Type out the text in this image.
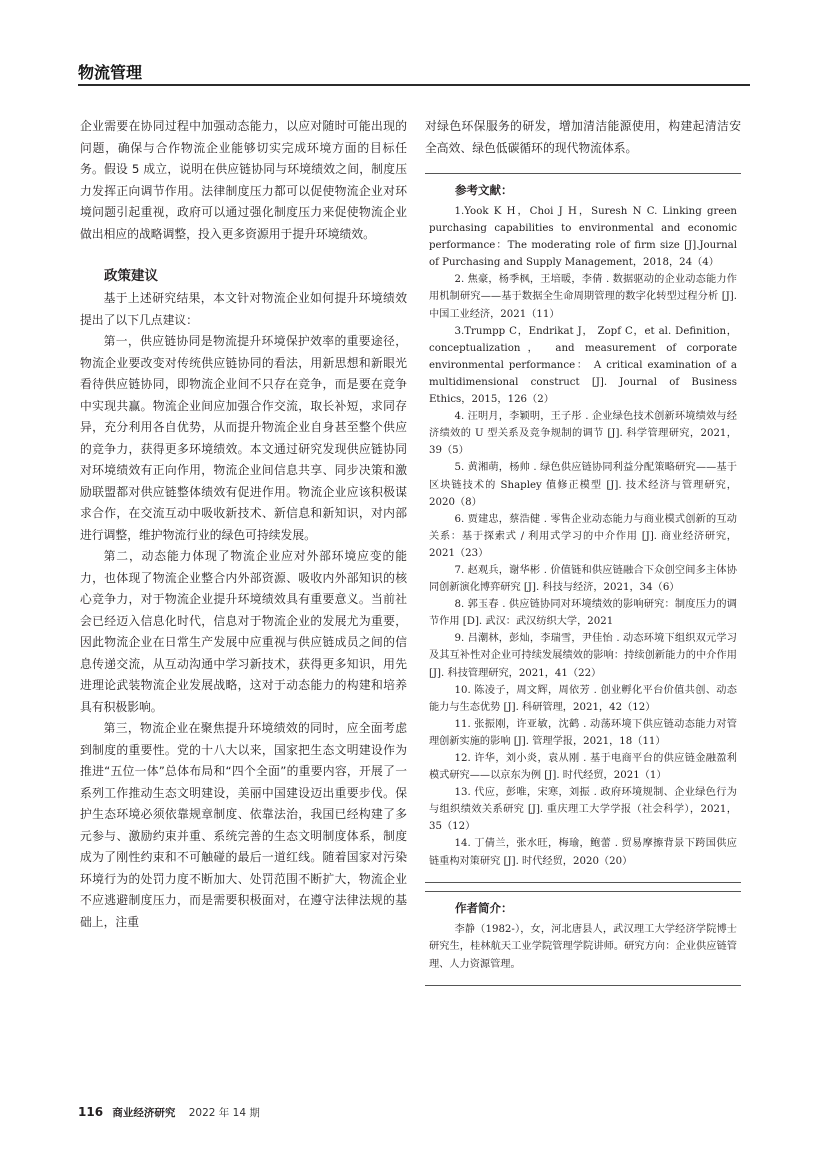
物流管理

企业需要在协同过程中加强动态能力，以应对随时可能出现的问题，确保与合作物流企业能够切实完成环境方面的目标任务。假设 5 成立，说明在供应链协同与环境绩效之间，制度压力发挥正向调节作用。法律制度压力都可以促使物流企业对环境问题引起重视，政府可以通过强化制度压力来促使物流企业做出相应的战略调整，投入更多资源用于提升环境绩效。

政策建议

基于上述研究结果，本文针对物流企业如何提升环境绩效提出了以下几点建议：

第一，供应链协同是物流提升环境保护效率的重要途径，物流企业要改变对传统供应链协同的看法，用新思想和新眼光看待供应链协同，即物流企业间不只存在竞争，而是要在竞争中实现共赢。物流企业间应加强合作交流，取长补短，求同存异，充分利用各自优势，从而提升物流企业自身甚至整个供应的竞争力，获得更多环境绩效。本文通过研究发现供应链协同对环境绩效有正向作用，物流企业间信息共享、同步决策和激励联盟都对供应链整体绩效有促进作用。物流企业应该积极谋求合作，在交流互动中吸收新技术、新信息和新知识，对内部进行调整，维护物流行业的绿色可持续发展。

第二，动态能力体现了物流企业应对外部环境应变的能力，也体现了物流企业整合内外部资源、吸收内外部知识的核心竞争力，对于物流企业提升环境绩效具有重要意义。当前社会已经迈入信息化时代，信息对于物流企业的发展尤为重要，因此物流企业在日常生产发展中应重视与供应链成员之间的信息传递交流，从互动沟通中学习新技术，获得更多知识，用先进理论武装物流企业发展战略，这对于动态能力的构建和培养具有积极影响。

第三，物流企业在聚焦提升环境绩效的同时，应全面考虑到制度的重要性。党的十八大以来，国家把生态文明建设作为推进“五位一体”总体布局和“四个全面”的重要内容，开展了一系列工作推动生态文明建设，美丽中国建设迈出重要步伐。保护生态环境必须依靠规章制度、依靠法治，我国已经构建了多元参与、激励约束并重、系统完善的生态文明制度体系，制度成为了刚性约束和不可触碰的最后一道红线。随着国家对污染环境行为的处罚力度不断加大、处罚范围不断扩大，物流企业不应逃避制度压力，而是需要积极面对，在遵守法律法规的基础上，注重

对绿色环保服务的研发，增加清洁能源使用，构建起清洁安全高效、绿色低碳循环的现代物流体系。

参考文献：

1.Yook K H，Choi J H，Suresh N C. Linking green purchasing capabilities to environmental and economic performance：The moderating role of firm size [J].Journal of Purchasing and Supply Management，2018，24（4）

2. 焦豪，杨季枫，王培暖，李倩 . 数据驱动的企业动态能力作用机制研究——基于数据全生命周期管理的数字化转型过程分析 [J]. 中国工业经济，2021（11）

3.Trumpp C，Endrikat J， Zopf C，et al. Definition，conceptualization， and measurement of corporate environmental performance： A critical examination of a multidimensional construct [J]. Journal of Business Ethics，2015，126（2）

4. 汪明月，李颖明，王子彤 . 企业绿色技术创新环境绩效与经济绩效的 U 型关系及竞争规制的调节 [J]. 科学管理研究，2021，39（5）

5. 黄湘萌，杨帅 . 绿色供应链协同利益分配策略研究——基于区块链技术的 Shapley 值修正模型 [J]. 技术经济与管理研究，2020（8）

6. 贾建忠，蔡浩健 . 零售企业动态能力与商业模式创新的互动关系：基于探索式 / 利用式学习的中介作用 [J]. 商业经济研究，2021（23）

7. 赵观兵，谢华彬 . 价值链和供应链融合下众创空间多主体协同创新演化博弈研究 [J]. 科技与经济，2021，34（6）

8. 郭玉春 . 供应链协同对环境绩效的影响研究：制度压力的调节作用 [D]. 武汉：武汉纺织大学，2021

9. 吕潮林，彭灿，李瑞雪，尹佳怡 . 动态环境下组织双元学习及其互补性对企业可持续发展绩效的影响：持续创新能力的中介作用 [J]. 科技管理研究，2021，41（22）

10. 陈凌子，周文辉，周依芳 . 创业孵化平台价值共创、动态能力与生态优势 [J]. 科研管理，2021，42（12）

11. 张振刚，许亚敏，沈鹤 . 动荡环境下供应链动态能力对管理创新实施的影响 [J]. 管理学报，2021，18（11）

12. 许华，刘小炎，袁从刚 . 基于电商平台的供应链金融盈利模式研究——以京东为例 [J]. 时代经贸，2021（1）

13. 代应，彭唯，宋寒，刘振 . 政府环境规制、企业绿色行为与组织绩效关系研究 [J]. 重庆理工大学学报（社会科学），2021，35（12）

14. 丁倩兰，张水旺，梅瑜，鲍蕾 . 贸易摩擦背景下跨国供应链重构对策研究 [J]. 时代经贸，2020（20）

作者简介：

李静（1982-），女，河北唐县人，武汉理工大学经济学院博士研究生，桂林航天工业学院管理学院讲师。研究方向：企业供应链管理、人力资源管理。

116 商业经济研究 2022 年 14 期
